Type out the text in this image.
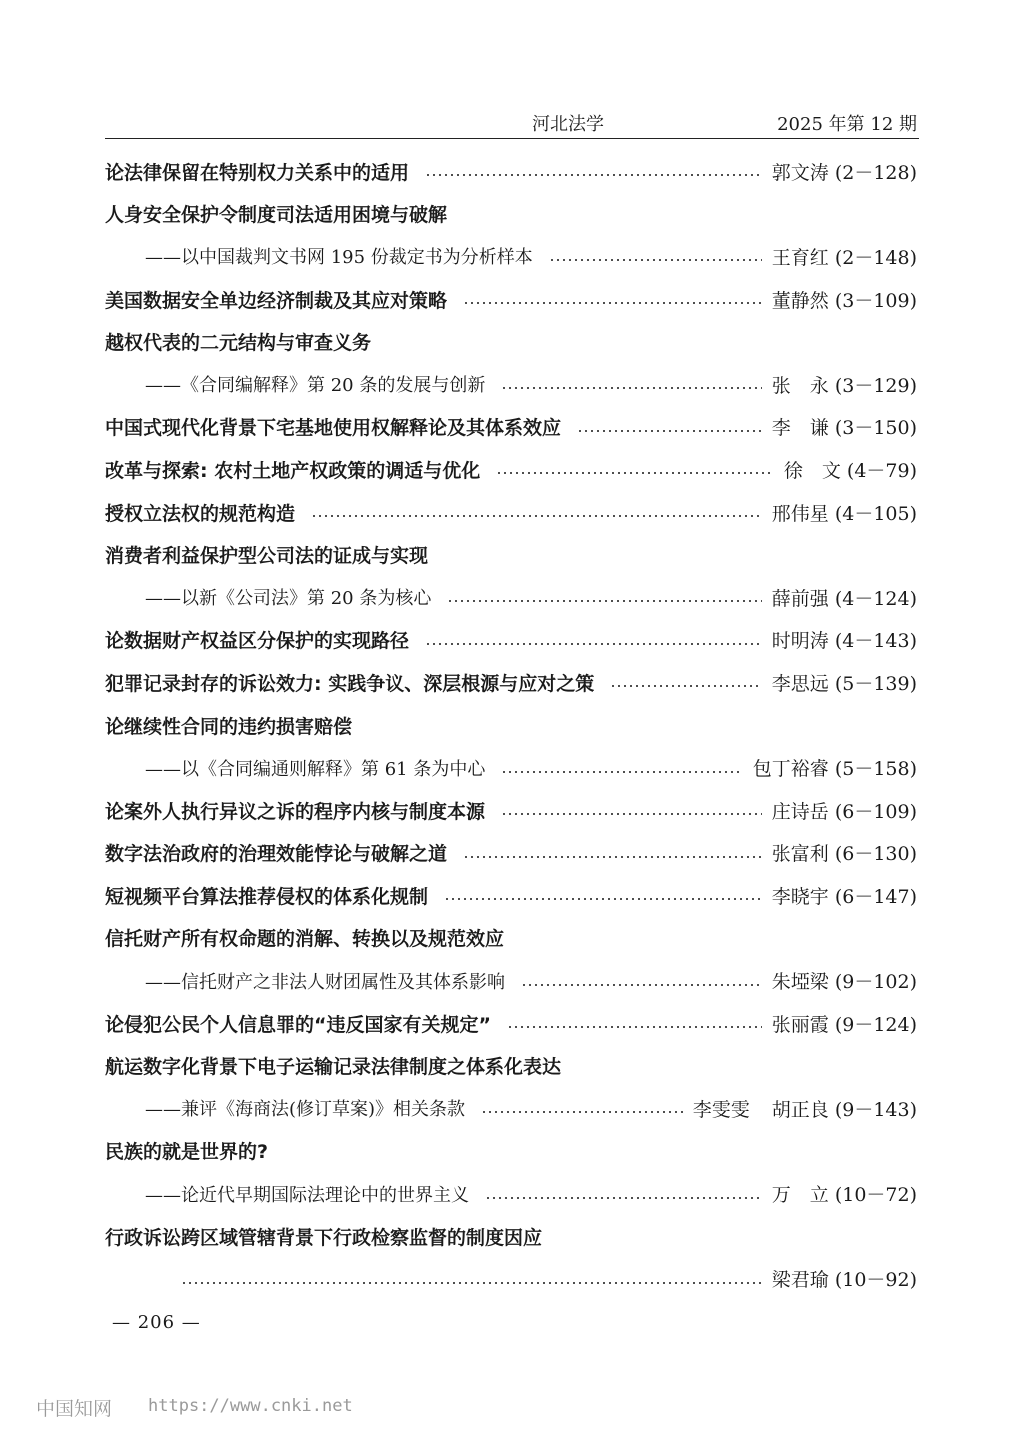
河北法学	2025 年第 12 期
论法律保留在特别权力关系中的适用	郭文涛 (2－128)
人身安全保护令制度司法适用困境与破解
——以中国裁判文书网 195 份裁定书为分析样本	王育红 (2－148)
美国数据安全单边经济制裁及其应对策略	董静然 (3－109)
越权代表的二元结构与审查义务
——《合同编解释》第 20 条的发展与创新	张　永 (3－129)
中国式现代化背景下宅基地使用权解释论及其体系效应	李　谦 (3－150)
改革与探索: 农村土地产权政策的调适与优化	徐　文 (4－79)
授权立法权的规范构造	邢伟星 (4－105)
消费者利益保护型公司法的证成与实现
——以新《公司法》第 20 条为核心	薛前强 (4－124)
论数据财产权益区分保护的实现路径	时明涛 (4－143)
犯罪记录封存的诉讼效力: 实践争议、深层根源与应对之策	李思远 (5－139)
论继续性合同的违约损害赔偿
——以《合同编通则解释》第 61 条为中心	包丁裕睿 (5－158)
论案外人执行异议之诉的程序内核与制度本源	庄诗岳 (6－109)
数字法治政府的治理效能悖论与破解之道	张富利 (6－130)
短视频平台算法推荐侵权的体系化规制	李晓宇 (6－147)
信托财产所有权命题的消解、转换以及规范效应
——信托财产之非法人财团属性及其体系影响	朱埡梁 (9－102)
论侵犯公民个人信息罪的“违反国家有关规定”	张丽霞 (9－124)
航运数字化背景下电子运输记录法律制度之体系化表达
——兼评《海商法(修订草案)》相关条款	李雯雯 胡正良 (9－143)
民族的就是世界的?
——论近代早期国际法理论中的世界主义	万　立 (10－72)
行政诉讼跨区域管辖背景下行政检察监督的制度因应
梁君瑜 (10－92)
— 206 —
中国知网 https://www.cnki.net
